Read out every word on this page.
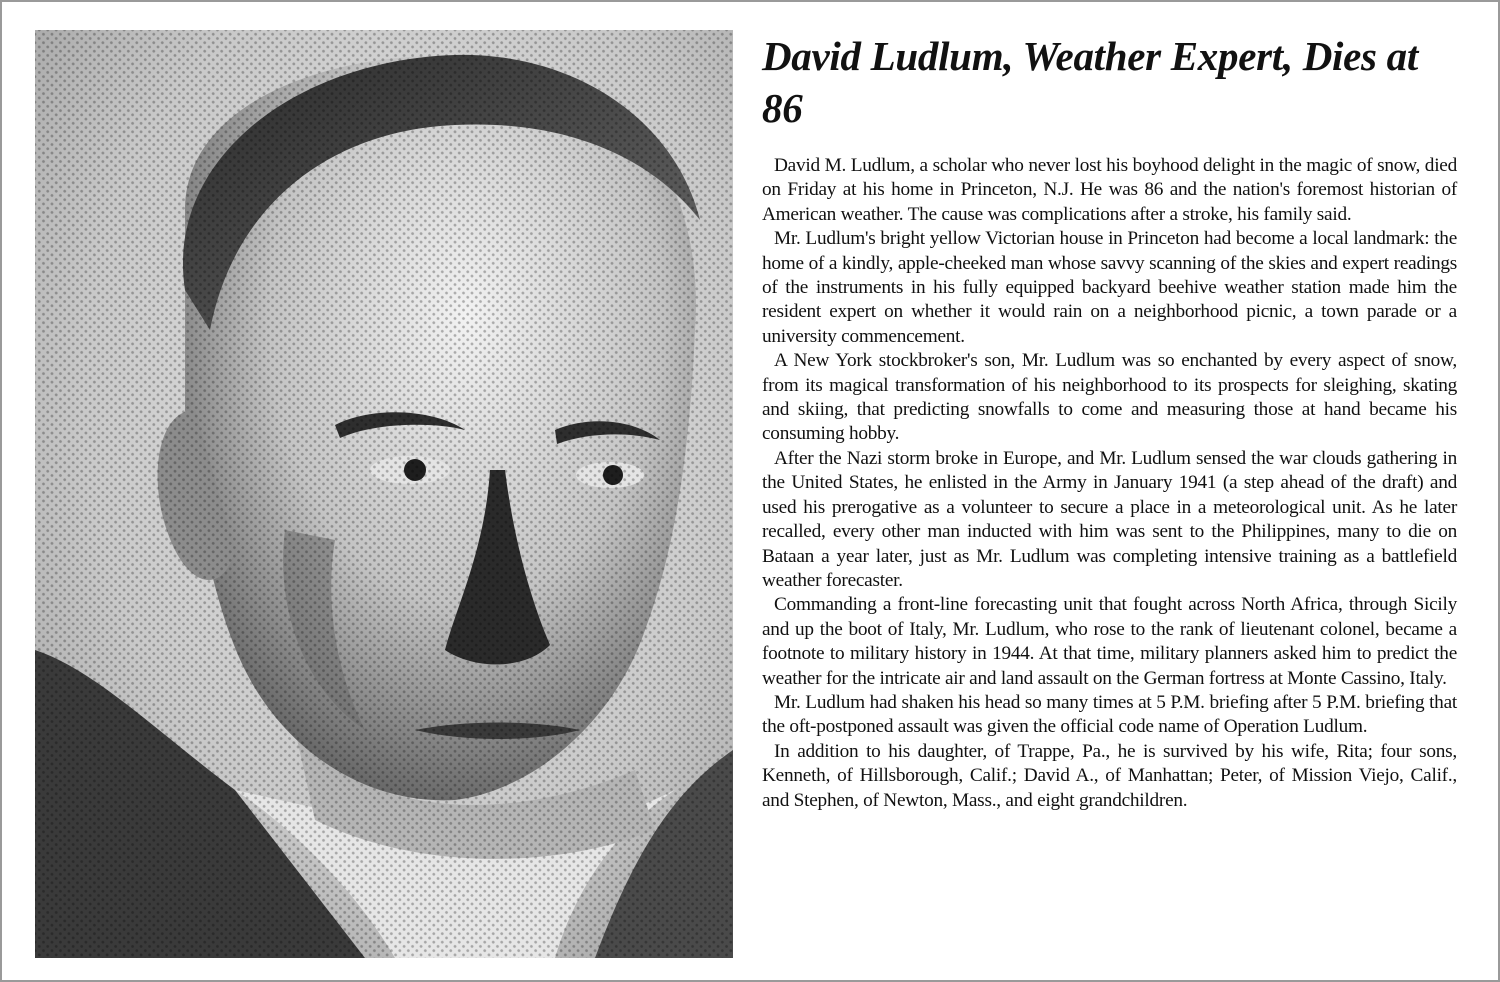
David Ludlum, Weather Expert, Dies at 86

David M. Ludlum, a scholar who never lost his boyhood delight in the magic of snow, died on Friday at his home in Princeton, N.J. He was 86 and the nation's foremost historian of American weather. The cause was complications after a stroke, his family said.

Mr. Ludlum's bright yellow Victorian house in Princeton had become a local landmark: the home of a kindly, apple-cheeked man whose savvy scanning of the skies and expert readings of the instruments in his fully equipped backyard beehive weather station made him the resident expert on whether it would rain on a neighborhood picnic, a town parade or a university commencement.

A New York stockbroker's son, Mr. Ludlum was so enchanted by every aspect of snow, from its magical transformation of his neighborhood to its prospects for sleighing, skating and skiing, that predicting snowfalls to come and measuring those at hand became his consuming hobby.

After the Nazi storm broke in Europe, and Mr. Ludlum sensed the war clouds gathering in the United States, he enlisted in the Army in January 1941 (a step ahead of the draft) and used his prerogative as a volunteer to secure a place in a meteorological unit. As he later recalled, every other man inducted with him was sent to the Philippines, many to die on Bataan a year later, just as Mr. Ludlum was completing intensive training as a battlefield weather forecaster.

Commanding a front-line forecasting unit that fought across North Africa, through Sicily and up the boot of Italy, Mr. Ludlum, who rose to the rank of lieutenant colonel, became a footnote to military history in 1944. At that time, military planners asked him to predict the weather for the intricate air and land assault on the German fortress at Monte Cassino, Italy.

Mr. Ludlum had shaken his head so many times at 5 P.M. briefing after 5 P.M. briefing that the oft-postponed assault was given the official code name of Operation Ludlum.

In addition to his daughter, of Trappe, Pa., he is survived by his wife, Rita; four sons, Kenneth, of Hillsborough, Calif.; David A., of Manhattan; Peter, of Mission Viejo, Calif., and Stephen, of Newton, Mass., and eight grandchildren.
